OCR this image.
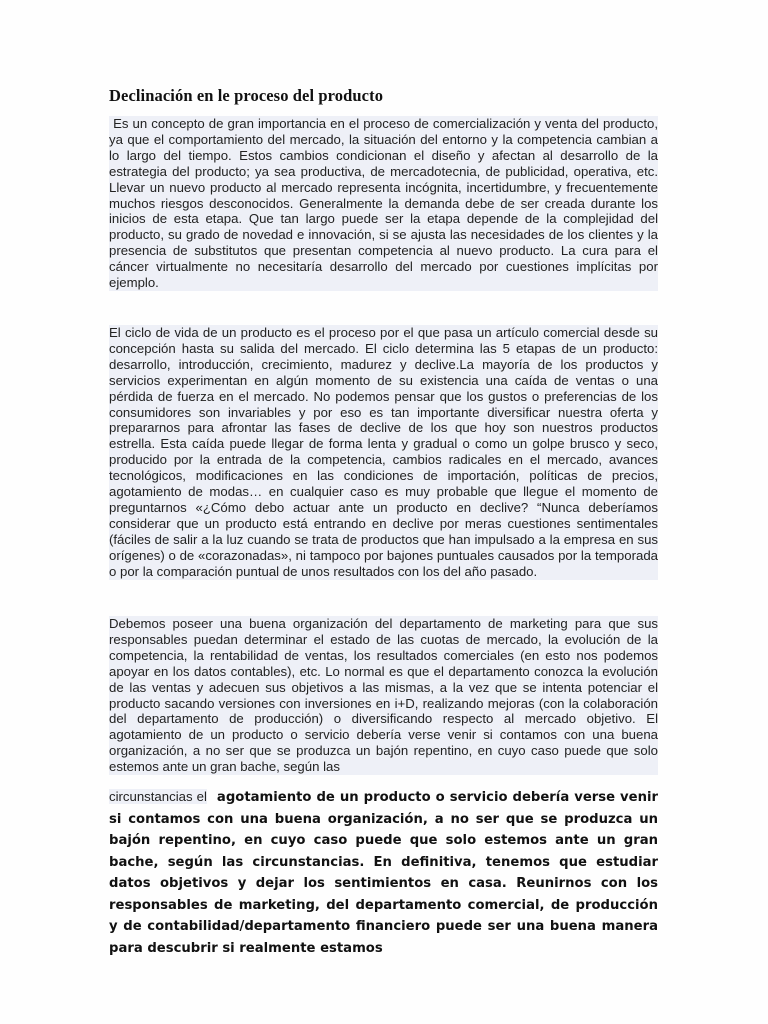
Declinación en le proceso del producto
Es un concepto de gran importancia en el proceso de comercialización y venta del producto, ya que el comportamiento del mercado, la situación del entorno y la competencia cambian a lo largo del tiempo. Estos cambios condicionan el diseño y afectan al desarrollo de la estrategia del producto; ya sea productiva, de mercadotecnia, de publicidad, operativa, etc. Llevar un nuevo producto al mercado representa incógnita, incertidumbre, y frecuentemente muchos riesgos desconocidos. Generalmente la demanda debe de ser creada durante los inicios de esta etapa. Que tan largo puede ser la etapa depende de la complejidad del producto, su grado de novedad e innovación, si se ajusta las necesidades de los clientes y la presencia de substitutos que presentan competencia al nuevo producto. La cura para el cáncer virtualmente no necesitaría desarrollo del mercado por cuestiones implícitas por ejemplo.
El ciclo de vida de un producto es el proceso por el que pasa un artículo comercial desde su concepción hasta su salida del mercado. El ciclo determina las 5 etapas de un producto: desarrollo, introducción, crecimiento, madurez y declive.La mayoría de los productos y servicios experimentan en algún momento de su existencia una caída de ventas o una pérdida de fuerza en el mercado. No podemos pensar que los gustos o preferencias de los consumidores son invariables y por eso es tan importante diversificar nuestra oferta y prepararnos para afrontar las fases de declive de los que hoy son nuestros productos estrella. Esta caída puede llegar de forma lenta y gradual o como un golpe brusco y seco, producido por la entrada de la competencia, cambios radicales en el mercado, avances tecnológicos, modificaciones en las condiciones de importación, políticas de precios, agotamiento de modas… en cualquier caso es muy probable que llegue el momento de preguntarnos «¿Cómo debo actuar ante un producto en declive? “Nunca deberíamos considerar que un producto está entrando en declive por meras cuestiones sentimentales (fáciles de salir a la luz cuando se trata de productos que han impulsado a la empresa en sus orígenes) o de «corazonadas», ni tampoco por bajones puntuales causados por la temporada o por la comparación puntual de unos resultados con los del año pasado.
Debemos poseer una buena organización del departamento de marketing para que sus responsables puedan determinar el estado de las cuotas de mercado, la evolución de la competencia, la rentabilidad de ventas, los resultados comerciales (en esto nos podemos apoyar en los datos contables), etc. Lo normal es que el departamento conozca la evolución de las ventas y adecuen sus objetivos a las mismas, a la vez que se intenta potenciar el producto sacando versiones con inversiones en i+D, realizando mejoras (con la colaboración del departamento de producción) o diversificando respecto al mercado objetivo. El agotamiento de un producto o servicio debería verse venir si contamos con una buena organización, a no ser que se produzca un bajón repentino, en cuyo caso puede que solo estemos ante un gran bache, según las
circunstancias el agotamiento de un producto o servicio debería verse venir si contamos con una buena organización, a no ser que se produzca un bajón repentino, en cuyo caso puede que solo estemos ante un gran bache, según las circunstancias. En definitiva, tenemos que estudiar datos objetivos y dejar los sentimientos en casa. Reunirnos con los responsables de marketing, del departamento comercial, de producción y de contabilidad/departamento financiero puede ser una buena manera para descubrir si realmente estamos
